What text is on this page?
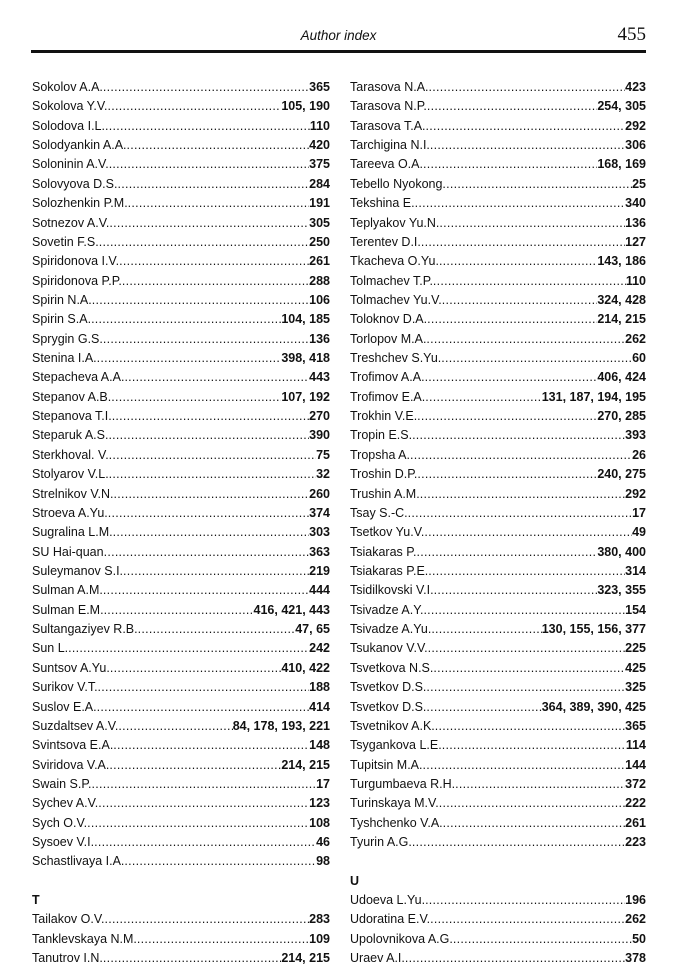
Author index	455
Sokolov A.A. . . .	365
Sokolova Y.V. . . .	105, 190
Solodova I.L. . . .	110
Solodyankin A.A. . . .	420
Soloninin A.V. . . .	375
Solovyova D.S. . . .	284
Solozhenkin P.M. . . .	191
Sotnezov A.V. . . .	305
Sovetin F.S. . . .	250
Spiridonova I.V. . . .	261
Spiridonova P.P. . . .	288
Spirin N.A. . . .	106
Spirin S.A. . . .	104, 185
Sprygin G.S. . . .	136
Stenina I.A. . . .	398, 418
Stepacheva A.A. . . .	443
Stepanov A.B. . . .	107, 192
Stepanova T.I. . . .	270
Steparuk A.S. . . .	390
Sterkhoval. V. . . .	75
Stolyarov V.L. . . .	32
Strelnikov V.N. . . .	260
Stroeva A.Yu. . . .	374
Sugralina L.M. . . .	303
SU Hai-quan . . .	363
Suleymanov S.I. . . .	219
Sulman A.M. . . .	444
Sulman E.M. . . .	416, 421, 443
Sultangaziyev R.B. . . .	47, 65
Sun L. . . .	242
Suntsov A.Yu. . . .	410, 422
Surikov V.T. . . .	188
Suslov E.A. . . .	414
Suzdaltsev A.V. . . .	84, 178, 193, 221
Svintsova E.A. . . .	148
Sviridova V.A. . . .	214, 215
Swain S.P. . . .	17
Sychev A.V. . . .	123
Sych O.V. . . .	108
Sysoev V.I. . . .	46
Schastlivaya I.A. . . .	98
T
Tailakov O.V. . . .	283
Tanklevskaya N.M. . . .	109
Tanutrov I.N. . . .	214, 215
Tarasova N.A. . . .	423
Tarasova N.P. . . .	254, 305
Tarasova T.A. . . .	292
Tarchigina N.I. . . .	306
Tareeva O.A. . . .	168, 169
Tebello Nyokong . . .	25
Tekshina E. . . .	340
Teplyakov Yu.N. . . .	136
Terentev D.I. . . .	127
Tkacheva O.Yu. . . .	143, 186
Tolmachev T.P. . . .	110
Tolmachev Yu.V. . . .	324, 428
Toloknov D.A. . . .	214, 215
Torlopov M.A. . . .	262
Treshchev S.Yu. . . .	60
Trofimov A.A. . . .	406, 424
Trofimov E.A. . . .	131, 187, 194, 195
Trokhin V.E. . . .	270, 285
Tropin E.S. . . .	393
Tropsha A. . . .	26
Troshin D.P. . . .	240, 275
Trushin A.M. . . .	292
Tsay S.-C. . . .	17
Tsetkov Yu.V. . . .	49
Tsiakaras P. . . .	380, 400
Tsiakaras P.E. . . .	314
Tsidilkovski V.I. . . .	323, 355
Tsivadze A.Y. . . .	154
Tsivadze A.Yu. . . .	130, 155, 156, 377
Tsukanov V.V. . . .	225
Tsvetkova N.S. . . .	425
Tsvetkov D.S. . . .	325
Tsvetkov D.S. . . .	364, 389, 390, 425
Tsvetnikov A.K. . . .	365
Tsygankova L.E. . . .	114
Tupitsin M.A. . . .	144
Turgumbaeva R.H. . . .	372
Turinskaya M.V. . . .	222
Tyshchenko V.A. . . .	261
Tyurin A.G. . . .	223
U
Udoeva L.Yu. . . .	196
Udoratina E.V. . . .	262
Upolovnikova A.G. . . .	50
Uraev A.I. . . .	378
